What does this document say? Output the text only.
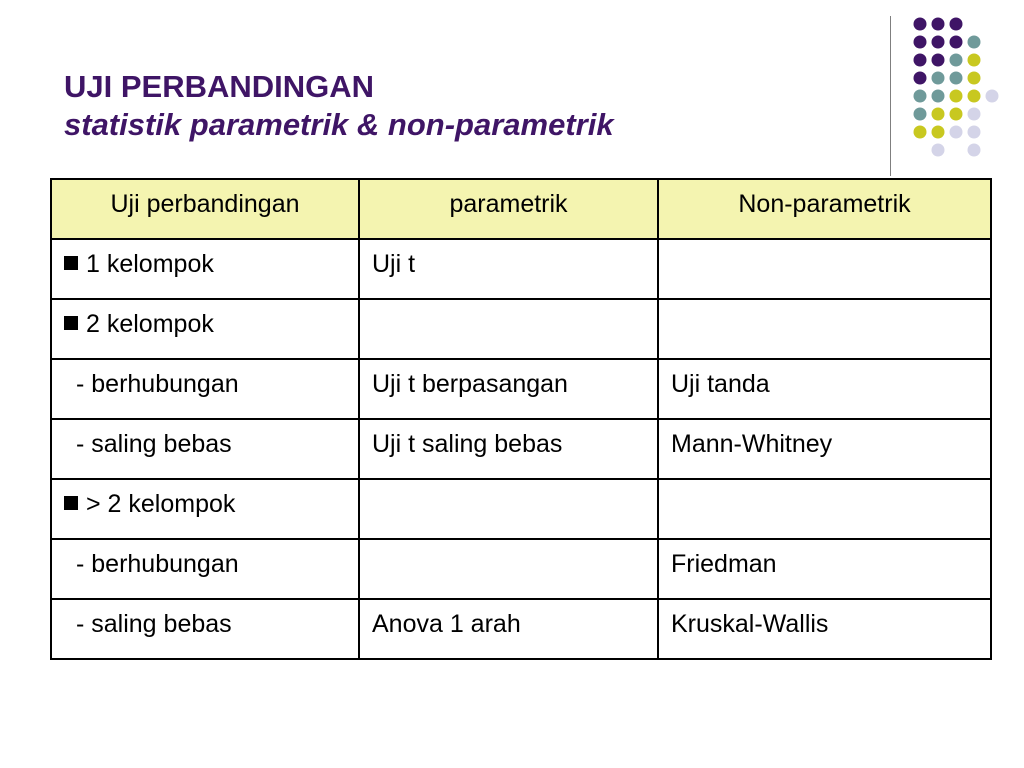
UJI PERBANDINGAN
statistik parametrik & non-parametrik
Uji perbandingan	parametrik	Non-parametrik
1 kelompok	Uji t	
2 kelompok		
- berhubungan	Uji t berpasangan	Uji tanda
- saling bebas	Uji t saling bebas	Mann-Whitney
> 2 kelompok		
- berhubungan		Friedman
- saling bebas	Anova 1 arah	Kruskal-Wallis
